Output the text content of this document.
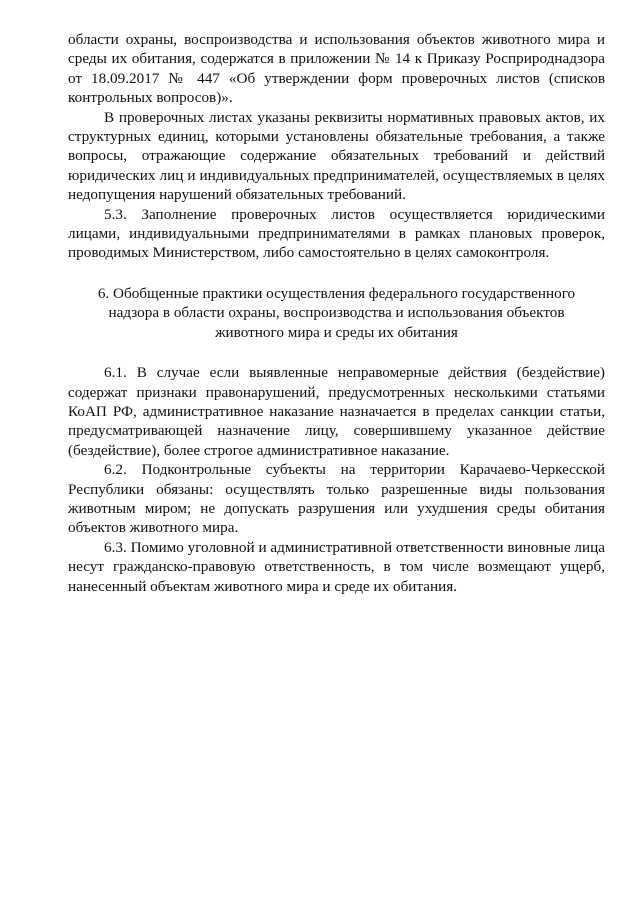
области охраны, воспроизводства и использования объектов животного мира и среды их обитания, содержатся в приложении № 14 к Приказу Росприроднадзора от 18.09.2017 № 447 «Об утверждении форм проверочных листов (списков контрольных вопросов)».

В проверочных листах указаны реквизиты нормативных правовых актов, их структурных единиц, которыми установлены обязательные требования, а также вопросы, отражающие содержание обязательных требований и действий юридических лиц и индивидуальных предпринимателей, осуществляемых в целях недопущения нарушений обязательных требований.

5.3. Заполнение проверочных листов осуществляется юридическими лицами, индивидуальными предпринимателями в рамках плановых проверок, проводимых Министерством, либо самостоятельно в целях самоконтроля.

6. Обобщенные практики осуществления федерального государственного
надзора в области охраны, воспроизводства и использования объектов
животного мира и среды их обитания

6.1. В случае если выявленные неправомерные действия (бездействие) содержат признаки правонарушений, предусмотренных несколькими статьями КоАП РФ, административное наказание назначается в пределах санкции статьи, предусматривающей назначение лицу, совершившему указанное действие (бездействие), более строгое административное наказание.

6.2. Подконтрольные субъекты на территории Карачаево-Черкесской Республики обязаны: осуществлять только разрешенные виды пользования животным миром; не допускать разрушения или ухудшения среды обитания объектов животного мира.

6.3. Помимо уголовной и административной ответственности виновные лица несут гражданско-правовую ответственность, в том числе возмещают ущерб, нанесенный объектам животного мира и среде их обитания.
